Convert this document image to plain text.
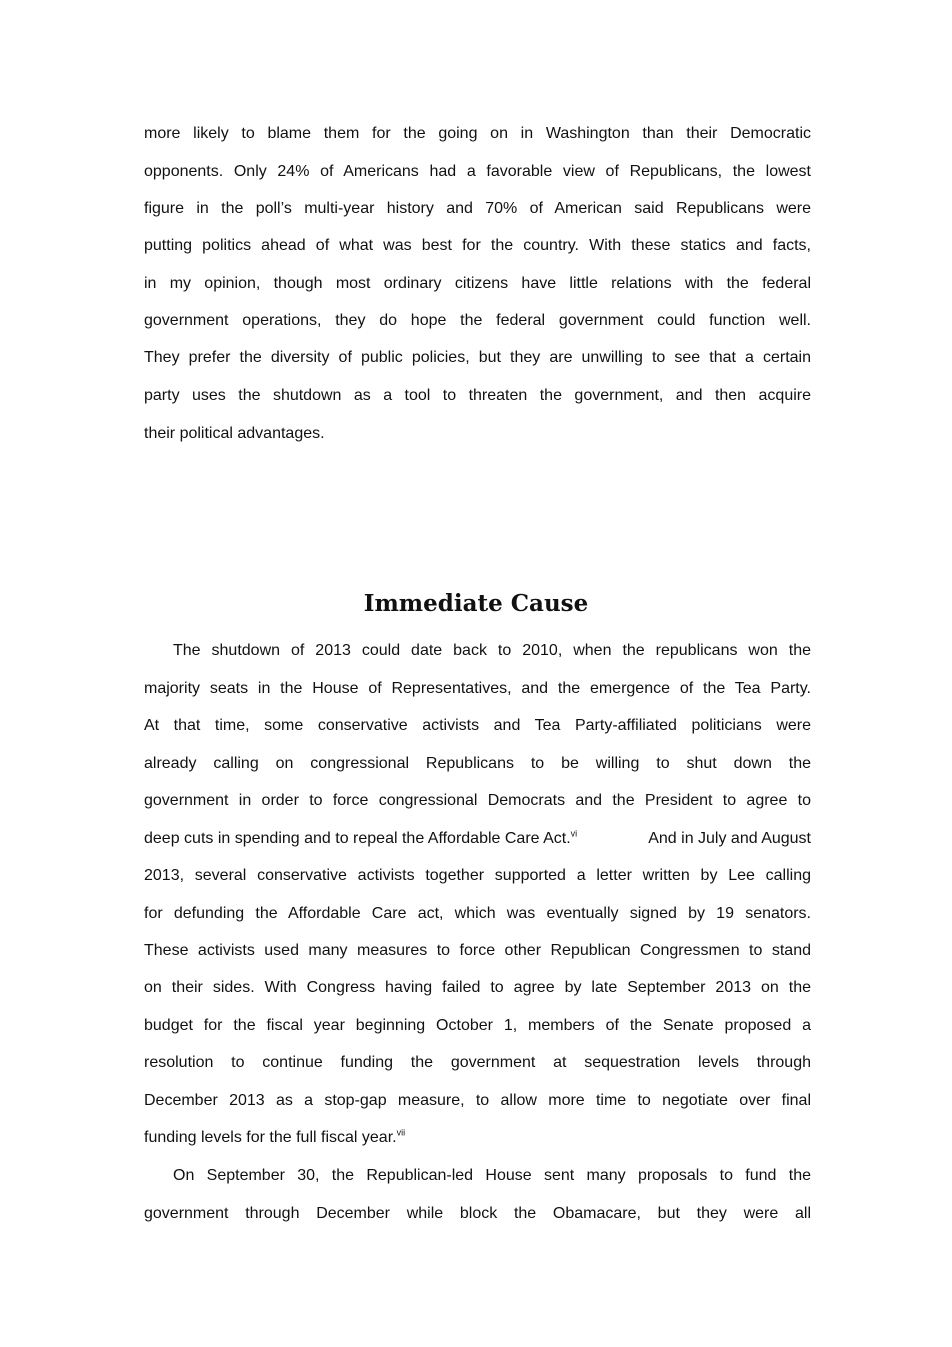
more likely to blame them for the going on in Washington than their Democratic

opponents. Only 24% of Americans had a favorable view of Republicans, the lowest

figure in the poll’s multi-year history and 70% of American said Republicans were

putting politics ahead of what was best for the country. With these statics and facts,

in my opinion, though most ordinary citizens have little relations with the federal

government operations, they do hope the federal government could function well.

They prefer the diversity of public policies, but they are unwilling to see that a certain

party uses the shutdown as a tool to threaten the government, and then acquire

their political advantages.

Immediate Cause

The shutdown of 2013 could date back to 2010, when the republicans won the

majority seats in the House of Representatives, and the emergence of the Tea Party.

At that time, some conservative activists and Tea Party-affiliated politicians were

already calling on congressional Republicans to be willing to shut down the

government in order to force congressional Democrats and the President to agree to

deep cuts in spending and to repeal the Affordable Care Act.$^{vi}$	And in July and August

2013, several conservative activists together supported a letter written by Lee calling

for defunding the Affordable Care act, which was eventually signed by 19 senators.

These activists used many measures to force other Republican Congressmen to stand

on their sides. With Congress having failed to agree by late September 2013 on the

budget for the fiscal year beginning October 1, members of the Senate proposed a

resolution to continue funding the government at sequestration levels through

December 2013 as a stop-gap measure, to allow more time to negotiate over final

funding levels for the full fiscal year.$^{vii}$

On September 30, the Republican-led House sent many proposals to fund the

government through December while block the Obamacare, but they were all
